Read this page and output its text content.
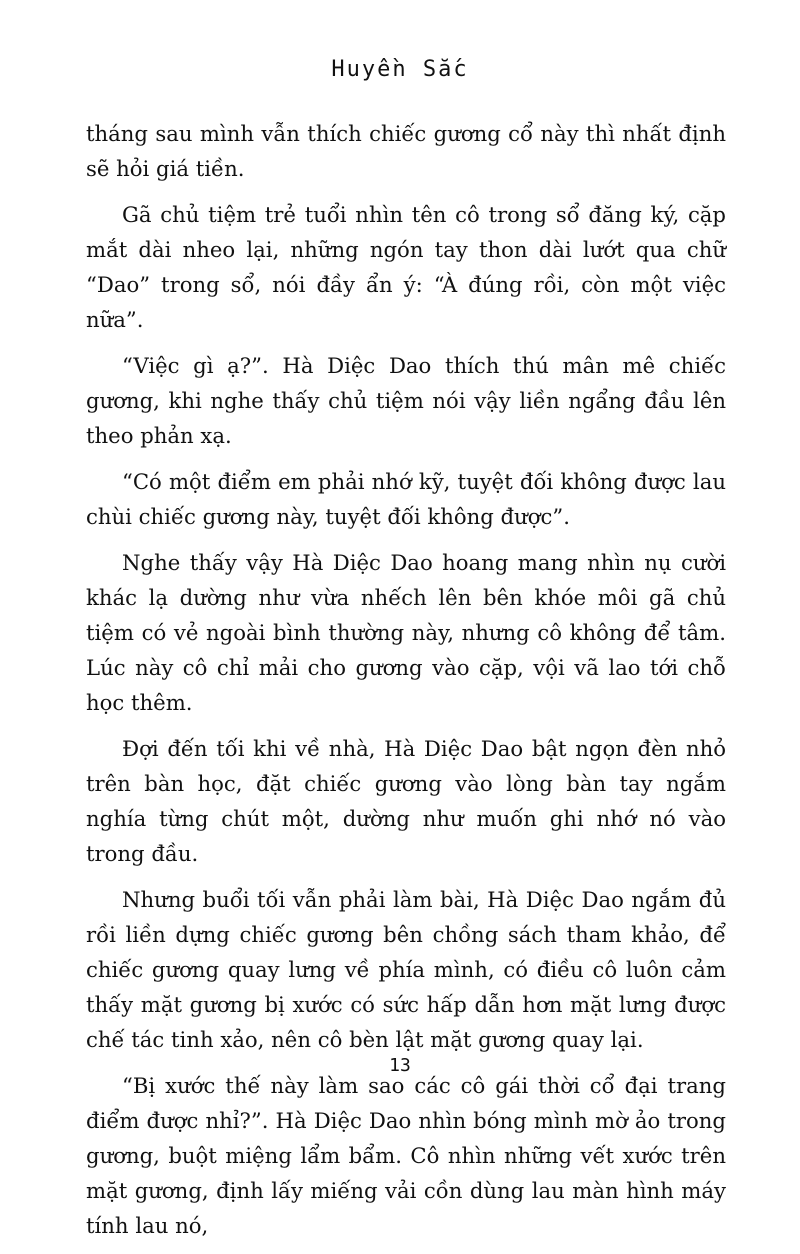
Huyền Sắc

tháng sau mình vẫn thích chiếc gương cổ này thì nhất định sẽ hỏi giá tiền.

Gã chủ tiệm trẻ tuổi nhìn tên cô trong sổ đăng ký, cặp mắt dài nheo lại, những ngón tay thon dài lướt qua chữ “Dao” trong sổ, nói đầy ẩn ý: “À đúng rồi, còn một việc nữa”.

“Việc gì ạ?”. Hà Diệc Dao thích thú mân mê chiếc gương, khi nghe thấy chủ tiệm nói vậy liền ngẩng đầu lên theo phản xạ.

“Có một điểm em phải nhớ kỹ, tuyệt đối không được lau chùi chiếc gương này, tuyệt đối không được”.

Nghe thấy vậy Hà Diệc Dao hoang mang nhìn nụ cười khác lạ dường như vừa nhếch lên bên khóe môi gã chủ tiệm có vẻ ngoài bình thường này, nhưng cô không để tâm. Lúc này cô chỉ mải cho gương vào cặp, vội vã lao tới chỗ học thêm.

Đợi đến tối khi về nhà, Hà Diệc Dao bật ngọn đèn nhỏ trên bàn học, đặt chiếc gương vào lòng bàn tay ngắm nghía từng chút một, dường như muốn ghi nhớ nó vào trong đầu.

Nhưng buổi tối vẫn phải làm bài, Hà Diệc Dao ngắm đủ rồi liền dựng chiếc gương bên chồng sách tham khảo, để chiếc gương quay lưng về phía mình, có điều cô luôn cảm thấy mặt gương bị xước có sức hấp dẫn hơn mặt lưng được chế tác tinh xảo, nên cô bèn lật mặt gương quay lại.

“Bị xước thế này làm sao các cô gái thời cổ đại trang điểm được nhỉ?”. Hà Diệc Dao nhìn bóng mình mờ ảo trong gương, buột miệng lẩm bẩm. Cô nhìn những vết xước trên mặt gương, định lấy miếng vải cồn dùng lau màn hình máy tính lau nó,

13
